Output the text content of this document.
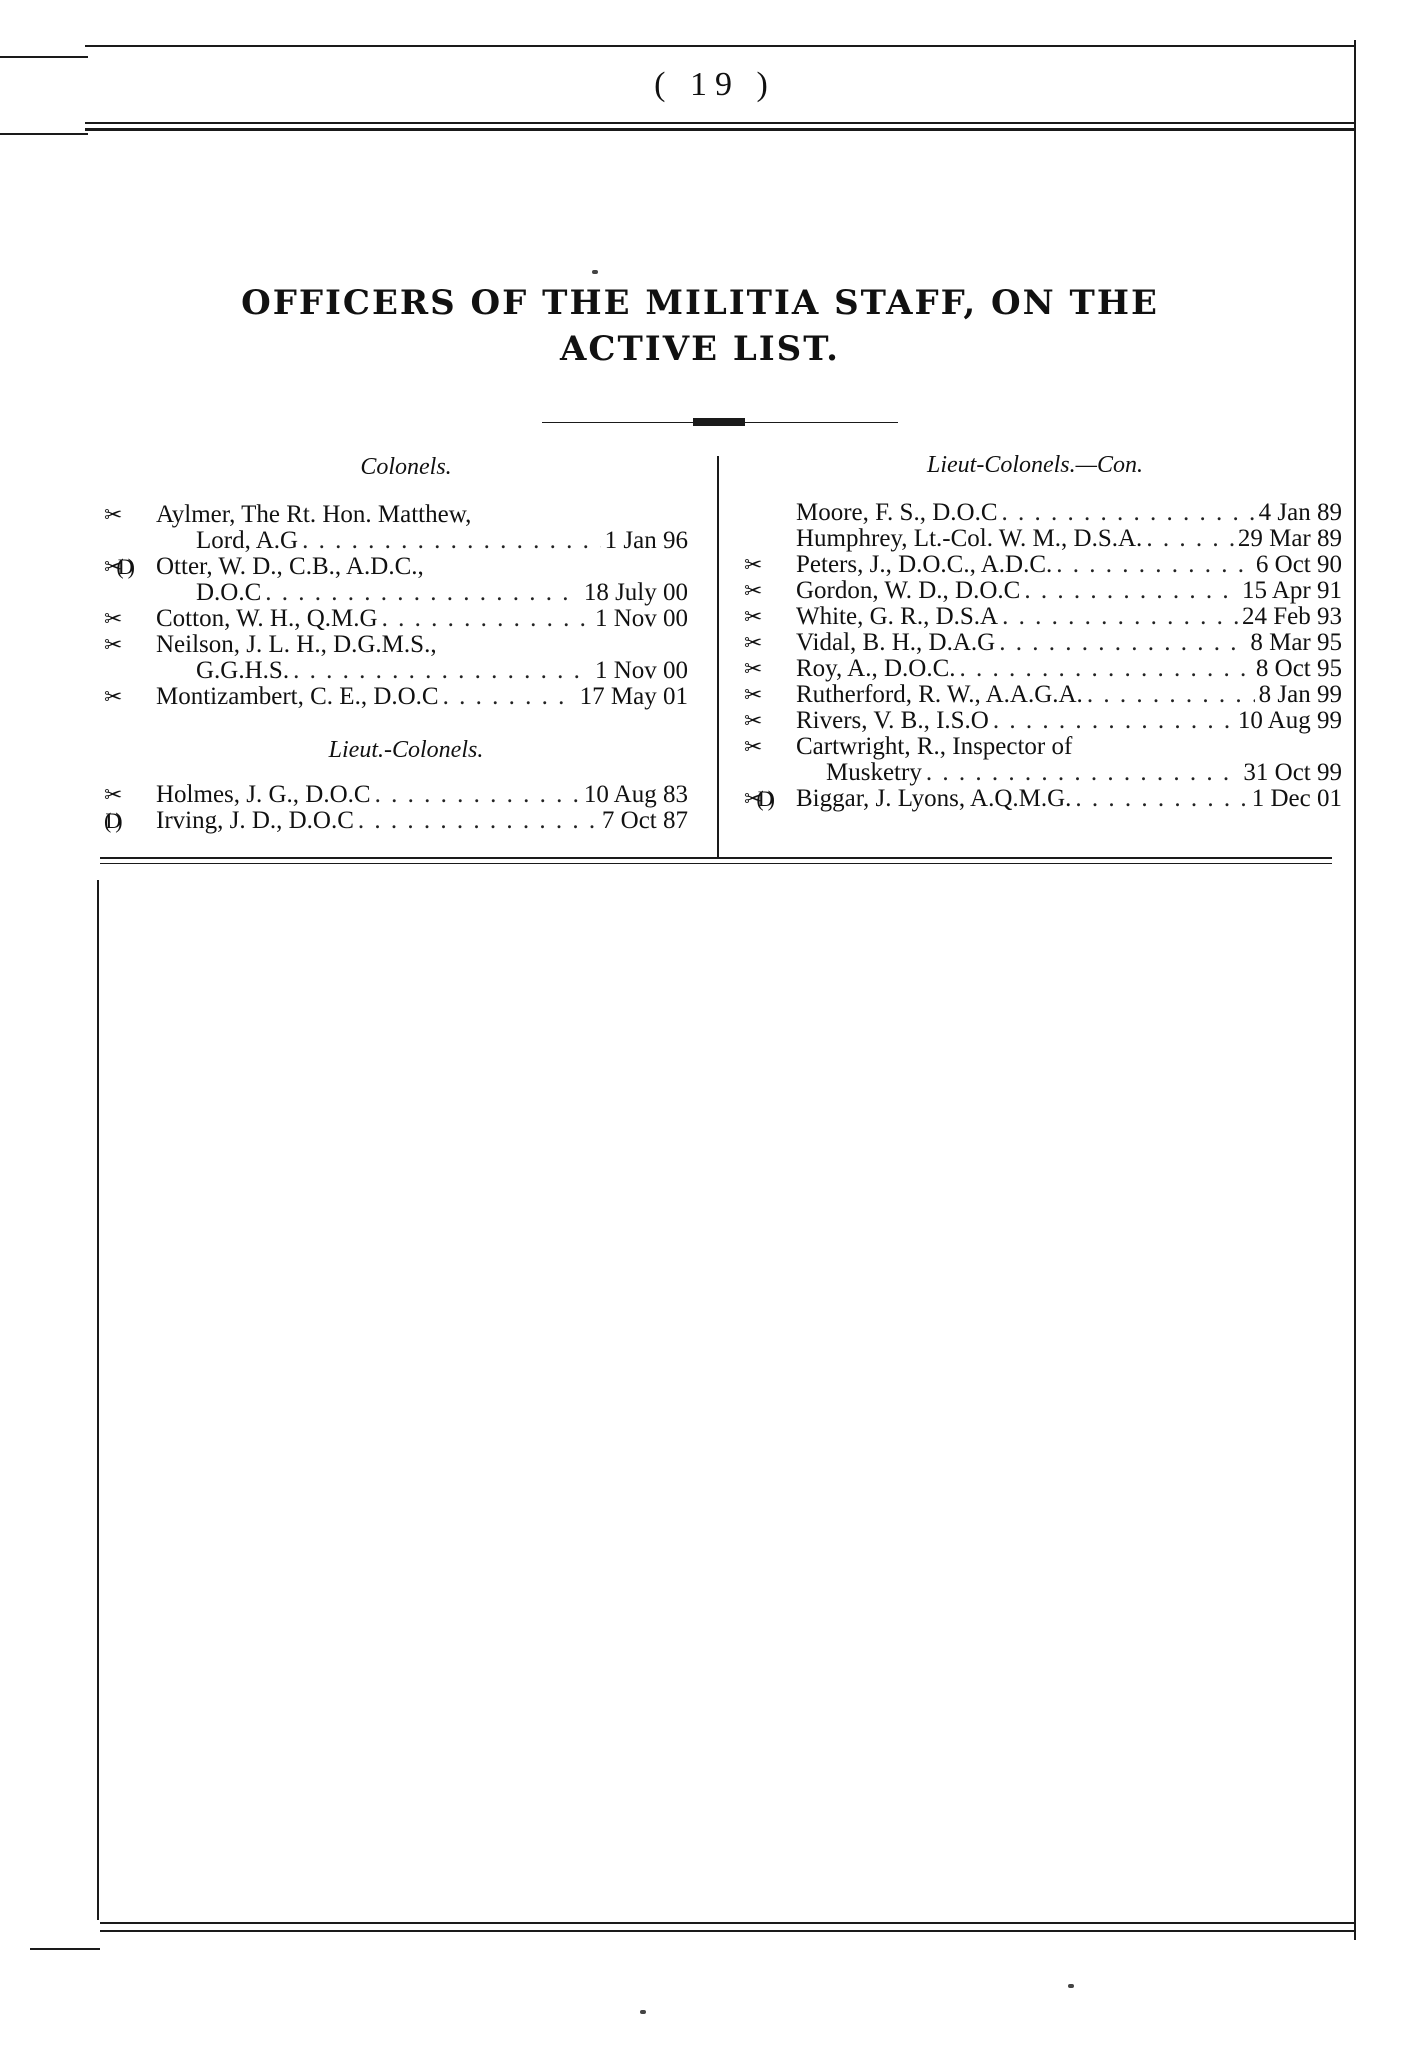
( 19 )
OFFICERS OF THE MILITIA STAFF, ON THE
ACTIVE LIST.
Colonels.
✂	Aylmer, The Rt. Hon. Matthew,
Lord, A.G . . .	1 Jan 96
✂(D)	Otter, W. D., C.B., A.D.C.,
D.O.C . . .	18 July 00
✂	Cotton, W. H., Q.M.G . . .	1 Nov 00
✂	Neilson, J. L. H., D.G.M.S.,
G.G.H.S. . . .	1 Nov 00
✂	Montizambert, C. E., D.O.C . . .	17 May 01
Lieut.-Colonels.
✂	Holmes, J. G., D.O.C . . .	10 Aug 83
(D)	Irving, J. D., D.O.C . . .	7 Oct 87
Lieut-Colonels.—Con.
Moore, F. S., D.O.C . . .	4 Jan 89
Humphrey, Lt.-Col. W. M., D.S.A. . . .	29 Mar 89
✂	Peters, J., D.O.C., A.D.C. . . .	6 Oct 90
✂	Gordon, W. D., D.O.C . . .	15 Apr 91
✂	White, G. R., D.S.A . . .	24 Feb 93
✂	Vidal, B. H., D.A.G . . .	8 Mar 95
✂	Roy, A., D.O.C. . . .	8 Oct 95
✂	Rutherford, R. W., A.A.G.A. . . .	8 Jan 99
✂	Rivers, V. B., I.S.O . . .	10 Aug 99
✂	Cartwright, R., Inspector of
Musketry . . .	31 Oct 99
✂(D)	Biggar, J. Lyons, A.Q.M.G. . . .	1 Dec 01
